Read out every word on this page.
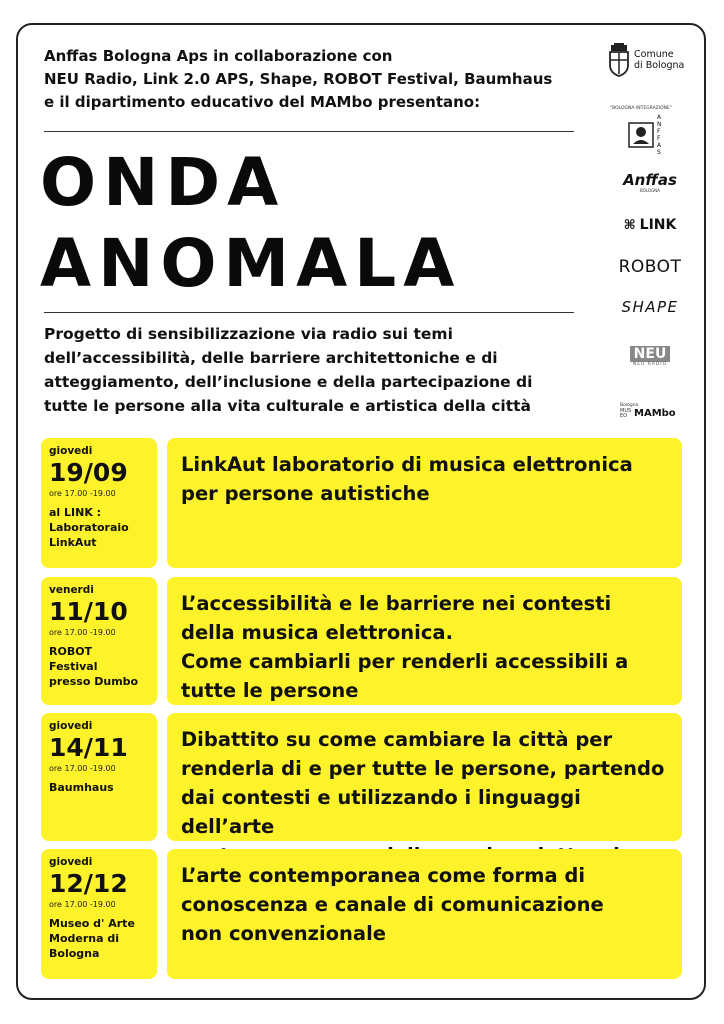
Anffas Bologna Aps in collaborazione con
NEU Radio, Link 2.0 APS, Shape, ROBOT Festival, Baumhaus
e il dipartimento educativo del MAMbo presentano:
ONDA
ANOMALA
Progetto di sensibilizzazione via radio sui temi
dell’accessibilità, delle barriere architettoniche e di
atteggiamento, dell’inclusione e della partecipazione di
tutte le persone alla vita culturale e artistica della città
Comune
di Bologna
"BOLOGNA INTEGRAZIONE"
ANFFAS
Anffas
BOLOGNA
⌘ LINK
ROBOT
SHAPE
NEU
NEU RADIO
Bologna
MUSEO MAMbo
giovedi
19/09
ore 17.00 -19.00
al LINK :
Laboratoraio
LinkAut
LinkAut laboratorio di musica elettronica
per persone autistiche
venerdi
11/10
ore 17.00 -19.00
ROBOT
Festival
presso Dumbo
L’accessibilità e le barriere nei contesti
della musica elettronica.
Come cambiarli per renderli accessibili a
tutte le persone
giovedi
14/11
ore 17.00 -19.00
Baumhaus
Dibattito su come cambiare la città per
renderla di e per tutte le persone, partendo
dai contesti e utilizzando i linguaggi dell’arte
giovedi
12/12
ore 17.00 -19.00
Museo d' Arte
Moderna di
Bologna
L’arte contemporanea come forma di
conoscenza e canale di comunicazione
non convenzionale
